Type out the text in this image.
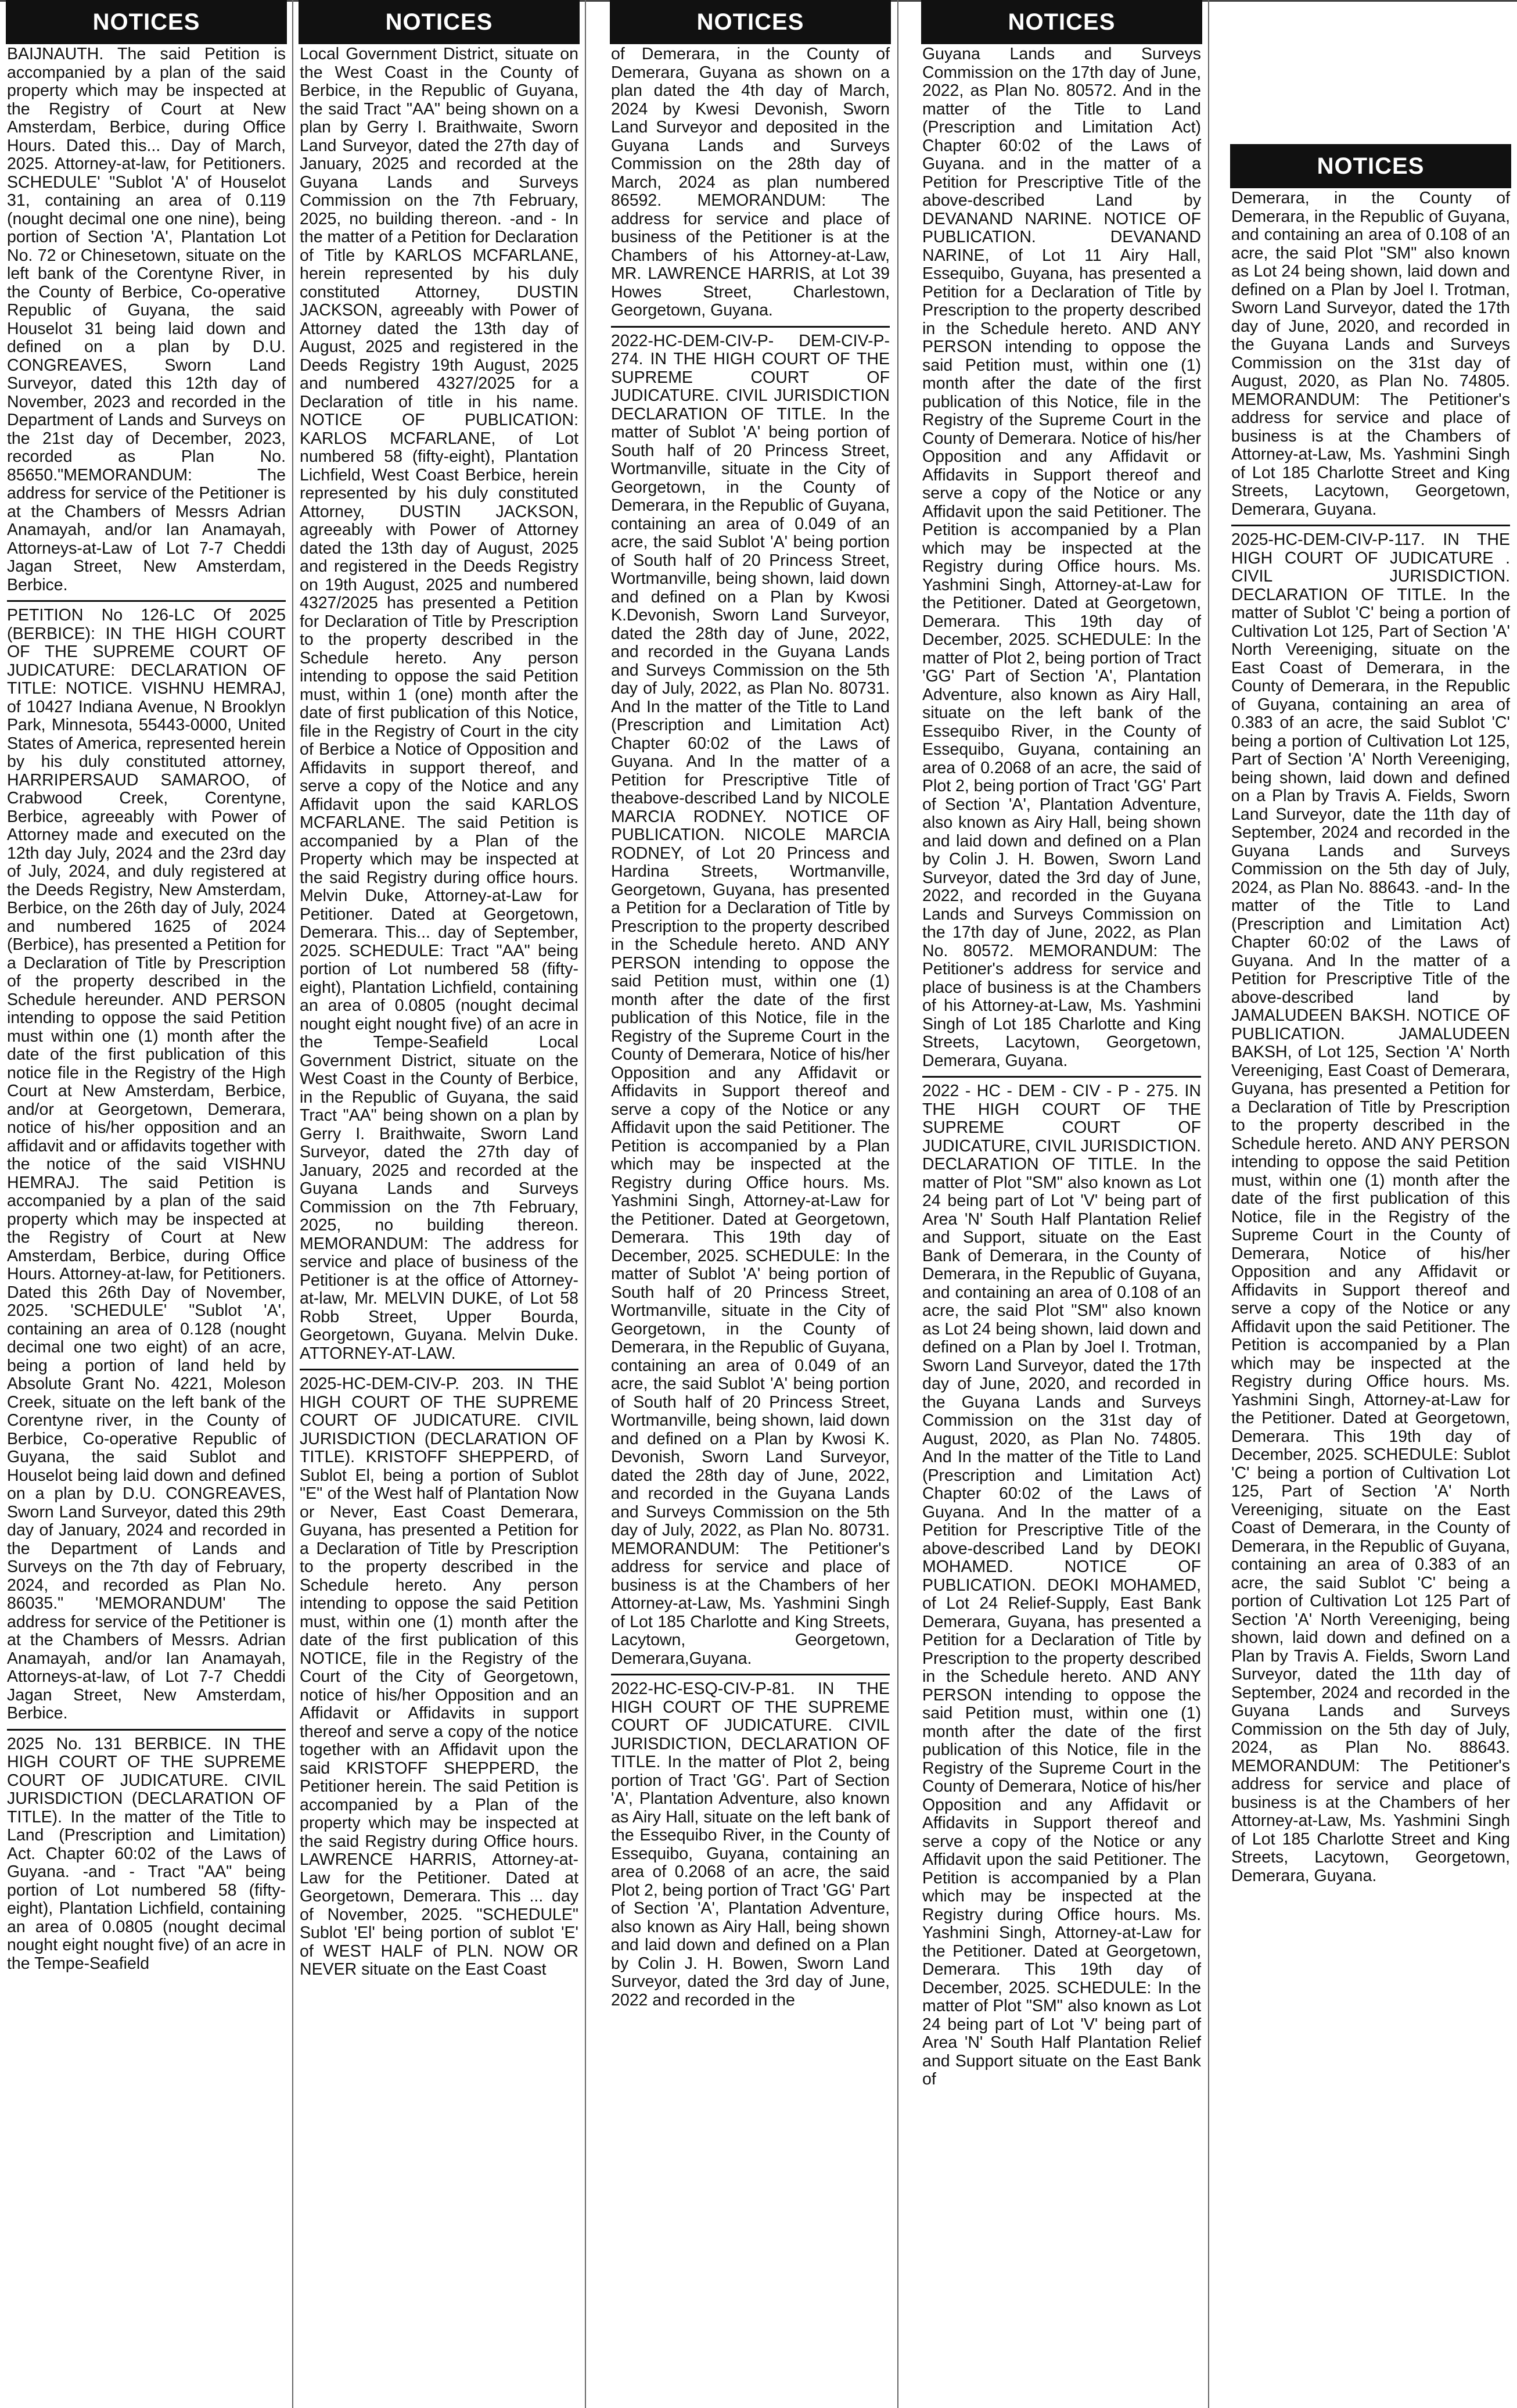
NOTICES

BAIJNAUTH. The said Petition is accompanied by a plan of the said property which may be inspected at the Registry of Court at New Amsterdam, Berbice, during Office Hours. Dated this... Day of March, 2025. Attorney-at-law, for Petitioners. SCHEDULE' "Sublot 'A' of Houselot 31, containing an area of 0.119 (nought decimal one one nine), being portion of Section 'A', Plantation Lot No. 72 or Chinesetown, situate on the left bank of the Corentyne River, in the County of Berbice, Co-operative Republic of Guyana, the said Houselot 31 being laid down and defined on a plan by D.U. CONGREAVES, Sworn Land Surveyor, dated this 12th day of November, 2023 and recorded in the Department of Lands and Surveys on the 21st day of December, 2023, recorded as Plan No. 85650."MEMORANDUM: The address for service of the Petitioner is at the Chambers of Messrs Adrian Anamayah, and/or Ian Anamayah, Attorneys-at-Law of Lot 7-7 Cheddi Jagan Street, New Amsterdam, Berbice.

PETITION No 126-LC Of 2025 (BERBICE): IN THE HIGH COURT OF THE SUPREME COURT OF JUDICATURE: DECLARATION OF TITLE: NOTICE. VISHNU HEMRAJ, of 10427 Indiana Avenue, N Brooklyn Park, Minnesota, 55443-0000, United States of America, represented herein by his duly constituted attorney, HARRIPERSAUD SAMAROO, of Crabwood Creek, Corentyne, Berbice, agreeably with Power of Attorney made and executed on the 12th day July, 2024 and the 23rd day of July, 2024, and duly registered at the Deeds Registry, New Amsterdam, Berbice, on the 26th day of July, 2024 and numbered 1625 of 2024 (Berbice), has presented a Petition for a Declaration of Title by Prescription of the property described in the Schedule hereunder. AND PERSON intending to oppose the said Petition must within one (1) month after the date of the first publication of this notice file in the Registry of the High Court at New Amsterdam, Berbice, and/or at Georgetown, Demerara, notice of his/her opposition and an affidavit and or affidavits together with the notice of the said VISHNU HEMRAJ. The said Petition is accompanied by a plan of the said property which may be inspected at the Registry of Court at New Amsterdam, Berbice, during Office Hours. Attorney-at-law, for Petitioners. Dated this 26th Day of November, 2025. 'SCHEDULE' "Sublot 'A', containing an area of 0.128 (nought decimal one two eight) of an acre, being a portion of land held by Absolute Grant No. 4221, Moleson Creek, situate on the left bank of the Corentyne river, in the County of Berbice, Co-operative Republic of Guyana, the said Sublot and Houselot being laid down and defined on a plan by D.U. CONGREAVES, Sworn Land Surveyor, dated this 29th day of January, 2024 and recorded in the Department of Lands and Surveys on the 7th day of February, 2024, and recorded as Plan No. 86035." 'MEMORANDUM' The address for service of the Petitioner is at the Chambers of Messrs. Adrian Anamayah, and/or Ian Anamayah, Attorneys-at-law, of Lot 7-7 Cheddi Jagan Street, New Amsterdam, Berbice.

2025 No. 131 BERBICE. IN THE HIGH COURT OF THE SUPREME COURT OF JUDICATURE. CIVIL JURISDICTION (DECLARATION OF TITLE). In the matter of the Title to Land (Prescription and Limitation) Act. Chapter 60:02 of the Laws of Guyana. -and - Tract "AA" being portion of Lot numbered 58 (fifty-eight), Plantation Lichfield, containing an area of 0.0805 (nought decimal nought eight nought five) of an acre in the Tempe-Seafield

NOTICES

Local Government District, situate on the West Coast in the County of Berbice, in the Republic of Guyana, the said Tract "AA" being shown on a plan by Gerry I. Braithwaite, Sworn Land Surveyor, dated the 27th day of January, 2025 and recorded at the Guyana Lands and Surveys Commission on the 7th February, 2025, no building thereon. -and - In the matter of a Petition for Declaration of Title by KARLOS MCFARLANE, herein represented by his duly constituted Attorney, DUSTIN JACKSON, agreeably with Power of Attorney dated the 13th day of August, 2025 and registered in the Deeds Registry 19th August, 2025 and numbered 4327/2025 for a Declaration of title in his name. NOTICE OF PUBLICATION: KARLOS MCFARLANE, of Lot numbered 58 (fifty-eight), Plantation Lichfield, West Coast Berbice, herein represented by his duly constituted Attorney, DUSTIN JACKSON, agreeably with Power of Attorney dated the 13th day of August, 2025 and registered in the Deeds Registry on 19th August, 2025 and numbered 4327/2025 has presented a Petition for Declaration of Title by Prescription to the property described in the Schedule hereto. Any person intending to oppose the said Petition must, within 1 (one) month after the date of first publication of this Notice, file in the Registry of Court in the city of Berbice a Notice of Opposition and Affidavits in support thereof, and serve a copy of the Notice and any Affidavit upon the said KARLOS MCFARLANE. The said Petition is accompanied by a Plan of the Property which may be inspected at the said Registry during office hours. Melvin Duke, Attorney-at-Law for Petitioner. Dated at Georgetown, Demerara. This... day of September, 2025. SCHEDULE: Tract "AA" being portion of Lot numbered 58 (fifty-eight), Plantation Lichfield, containing an area of 0.0805 (nought decimal nought eight nought five) of an acre in the Tempe-Seafield Local Government District, situate on the West Coast in the County of Berbice, in the Republic of Guyana, the said Tract "AA" being shown on a plan by Gerry I. Braithwaite, Sworn Land Surveyor, dated the 27th day of January, 2025 and recorded at the Guyana Lands and Surveys Commission on the 7th February, 2025, no building thereon. MEMORANDUM: The address for service and place of business of the Petitioner is at the office of Attorney-at-law, Mr. MELVIN DUKE, of Lot 58 Robb Street, Upper Bourda, Georgetown, Guyana. Melvin Duke. ATTORNEY-AT-LAW.

2025-HC-DEM-CIV-P. 203. IN THE HIGH COURT OF THE SUPREME COURT OF JUDICATURE. CIVIL JURISDICTION (DECLARATION OF TITLE). KRISTOFF SHEPPERD, of Sublot El, being a portion of Sublot "E" of the West half of Plantation Now or Never, East Coast Demerara, Guyana, has presented a Petition for a Declaration of Title by Prescription to the property described in the Schedule hereto. Any person intending to oppose the said Petition must, within one (1) month after the date of the first publication of this NOTICE, file in the Registry of the Court of the City of Georgetown, notice of his/her Opposition and an Affidavit or Affidavits in support thereof and serve a copy of the notice together with an Affidavit upon the said KRISTOFF SHEPPERD, the Petitioner herein. The said Petition is accompanied by a Plan of the property which may be inspected at the said Registry during Office hours. LAWRENCE HARRIS, Attorney-at-Law for the Petitioner. Dated at Georgetown, Demerara. This ... day of November, 2025. "SCHEDULE" Sublot 'El' being portion of sublot 'E' of WEST HALF of PLN. NOW OR NEVER situate on the East Coast

NOTICES

of Demerara, in the County of Demerara, Guyana as shown on a plan dated the 4th day of March, 2024 by Kwesi Devonish, Sworn Land Surveyor and deposited in the Guyana Lands and Surveys Commission on the 28th day of March, 2024 as plan numbered 86592. MEMORANDUM: The address for service and place of business of the Petitioner is at the Chambers of his Attorney-at-Law, MR. LAWRENCE HARRIS, at Lot 39 Howes Street, Charlestown, Georgetown, Guyana.

2022-HC-DEM-CIV-P- DEM-CIV-P-274. IN THE HIGH COURT OF THE SUPREME COURT OF JUDICATURE. CIVIL JURISDICTION DECLARATION OF TITLE. In the matter of Sublot 'A' being portion of South half of 20 Princess Street, Wortmanville, situate in the City of Georgetown, in the County of Demerara, in the Republic of Guyana, containing an area of 0.049 of an acre, the said Sublot 'A' being portion of South half of 20 Princess Street, Wortmanville, being shown, laid down and defined on a Plan by Kwosi K.Devonish, Sworn Land Surveyor, dated the 28th day of June, 2022, and recorded in the Guyana Lands and Surveys Commission on the 5th day of July, 2022, as Plan No. 80731. And In the matter of the Title to Land (Prescription and Limitation Act) Chapter 60:02 of the Laws of Guyana. And In the matter of a Petition for Prescriptive Title of theabove-described Land by NICOLE MARCIA RODNEY. NOTICE OF PUBLICATION. NICOLE MARCIA RODNEY, of Lot 20 Princess and Hardina Streets, Wortmanville, Georgetown, Guyana, has presented a Petition for a Declaration of Title by Prescription to the property described in the Schedule hereto. AND ANY PERSON intending to oppose the said Petition must, within one (1) month after the date of the first publication of this Notice, file in the Registry of the Supreme Court in the County of Demerara, Notice of his/her Opposition and any Affidavit or Affidavits in Support thereof and serve a copy of the Notice or any Affidavit upon the said Petitioner. The Petition is accompanied by a Plan which may be inspected at the Registry during Office hours. Ms. Yashmini Singh, Attorney-at-Law for the Petitioner. Dated at Georgetown, Demerara. This 19th day of December, 2025. SCHEDULE: In the matter of Sublot 'A' being portion of South half of 20 Princess Street, Wortmanville, situate in the City of Georgetown, in the County of Demerara, in the Republic of Guyana, containing an area of 0.049 of an acre, the said Sublot 'A' being portion of South half of 20 Princess Street, Wortmanville, being shown, laid down and defined on a Plan by Kwosi K. Devonish, Sworn Land Surveyor, dated the 28th day of June, 2022, and recorded in the Guyana Lands and Surveys Commission on the 5th day of July, 2022, as Plan No. 80731. MEMORANDUM: The Petitioner's address for service and place of business is at the Chambers of her Attorney-at-Law, Ms. Yashmini Singh of Lot 185 Charlotte and King Streets, Lacytown, Georgetown, Demerara,Guyana.

2022-HC-ESQ-CIV-P-81. IN THE HIGH COURT OF THE SUPREME COURT OF JUDICATURE. CIVIL JURISDICTION, DECLARATION OF TITLE. In the matter of Plot 2, being portion of Tract 'GG'. Part of Section 'A', Plantation Adventure, also known as Airy Hall, situate on the left bank of the Essequibo River, in the County of Essequibo, Guyana, containing an area of 0.2068 of an acre, the said Plot 2, being portion of Tract 'GG' Part of Section 'A', Plantation Adventure, also known as Airy Hall, being shown and laid down and defined on a Plan by Colin J. H. Bowen, Sworn Land Surveyor, dated the 3rd day of June, 2022 and recorded in the

NOTICES

Guyana Lands and Surveys Commission on the 17th day of June, 2022, as Plan No. 80572. And in the matter of the Title to Land (Prescription and Limitation Act) Chapter 60:02 of the Laws of Guyana. and in the matter of a Petition for Prescriptive Title of the above-described Land by DEVANAND NARINE. NOTICE OF PUBLICATION. DEVANAND NARINE, of Lot 11 Airy Hall, Essequibo, Guyana, has presented a Petition for a Declaration of Title by Prescription to the property described in the Schedule hereto. AND ANY PERSON intending to oppose the said Petition must, within one (1) month after the date of the first publication of this Notice, file in the Registry of the Supreme Court in the County of Demerara. Notice of his/her Opposition and any Affidavit or Affidavits in Support thereof and serve a copy of the Notice or any Affidavit upon the said Petitioner. The Petition is accompanied by a Plan which may be inspected at the Registry during Office hours. Ms. Yashmini Singh, Attorney-at-Law for the Petitioner. Dated at Georgetown, Demerara. This 19th day of December, 2025. SCHEDULE: In the matter of Plot 2, being portion of Tract 'GG' Part of Section 'A', Plantation Adventure, also known as Airy Hall, situate on the left bank of the Essequibo River, in the County of Essequibo, Guyana, containing an area of 0.2068 of an acre, the said of Plot 2, being portion of Tract 'GG' Part of Section 'A', Plantation Adventure, also known as Airy Hall, being shown and laid down and defined on a Plan by Colin J. H. Bowen, Sworn Land Surveyor, dated the 3rd day of June, 2022, and recorded in the Guyana Lands and Surveys Commission on the 17th day of June, 2022, as Plan No. 80572. MEMORANDUM: The Petitioner's address for service and place of business is at the Chambers of his Attorney-at-Law, Ms. Yashmini Singh of Lot 185 Charlotte and King Streets, Lacytown, Georgetown, Demerara, Guyana.

2022 - HC - DEM - CIV - P - 275. IN THE HIGH COURT OF THE SUPREME COURT OF JUDICATURE, CIVIL JURISDICTION. DECLARATION OF TITLE. In the matter of Plot "SM" also known as Lot 24 being part of Lot 'V' being part of Area 'N' South Half Plantation Relief and Support, situate on the East Bank of Demerara, in the County of Demerara, in the Republic of Guyana, and containing an area of 0.108 of an acre, the said Plot "SM" also known as Lot 24 being shown, laid down and defined on a Plan by Joel I. Trotman, Sworn Land Surveyor, dated the 17th day of June, 2020, and recorded in the Guyana Lands and Surveys Commission on the 31st day of August, 2020, as Plan No. 74805. And In the matter of the Title to Land (Prescription and Limitation Act) Chapter 60:02 of the Laws of Guyana. And In the matter of a Petition for Prescriptive Title of the above-described Land by DEOKI MOHAMED. NOTICE OF PUBLICATION. DEOKI MOHAMED, of Lot 24 Relief-Supply, East Bank Demerara, Guyana, has presented a Petition for a Declaration of Title by Prescription to the property described in the Schedule hereto. AND ANY PERSON intending to oppose the said Petition must, within one (1) month after the date of the first publication of this Notice, file in the Registry of the Supreme Court in the County of Demerara, Notice of his/her Opposition and any Affidavit or Affidavits in Support thereof and serve a copy of the Notice or any Affidavit upon the said Petitioner. The Petition is accompanied by a Plan which may be inspected at the Registry during Office hours. Ms. Yashmini Singh, Attorney-at-Law for the Petitioner. Dated at Georgetown, Demerara. This 19th day of December, 2025. SCHEDULE: In the matter of Plot "SM" also known as Lot 24 being part of Lot 'V' being part of Area 'N' South Half Plantation Relief and Support situate on the East Bank of

NOTICES

Demerara, in the County of Demerara, in the Republic of Guyana, and containing an area of 0.108 of an acre, the said Plot "SM" also known as Lot 24 being shown, laid down and defined on a Plan by Joel I. Trotman, Sworn Land Surveyor, dated the 17th day of June, 2020, and recorded in the Guyana Lands and Surveys Commission on the 31st day of August, 2020, as Plan No. 74805. MEMORANDUM: The Petitioner's address for service and place of business is at the Chambers of Attorney-at-Law, Ms. Yashmini Singh of Lot 185 Charlotte Street and King Streets, Lacytown, Georgetown, Demerara, Guyana.

2025-HC-DEM-CIV-P-117. IN THE HIGH COURT OF JUDICATURE . CIVIL JURISDICTION. DECLARATION OF TITLE. In the matter of Sublot 'C' being a portion of Cultivation Lot 125, Part of Section 'A' North Vereeniging, situate on the East Coast of Demerara, in the County of Demerara, in the Republic of Guyana, containing an area of 0.383 of an acre, the said Sublot 'C' being a portion of Cultivation Lot 125, Part of Section 'A' North Vereeniging, being shown, laid down and defined on a Plan by Travis A. Fields, Sworn Land Surveyor, date the 11th day of September, 2024 and recorded in the Guyana Lands and Surveys Commission on the 5th day of July, 2024, as Plan No. 88643. -and- In the matter of the Title to Land (Prescription and Limitation Act) Chapter 60:02 of the Laws of Guyana. And In the matter of a Petition for Prescriptive Title of the above-described land by JAMALUDEEN BAKSH. NOTICE OF PUBLICATION. JAMALUDEEN BAKSH, of Lot 125, Section 'A' North Vereeniging, East Coast of Demerara, Guyana, has presented a Petition for a Declaration of Title by Prescription to the property described in the Schedule hereto. AND ANY PERSON intending to oppose the said Petition must, within one (1) month after the date of the first publication of this Notice, file in the Registry of the Supreme Court in the County of Demerara, Notice of his/her Opposition and any Affidavit or Affidavits in Support thereof and serve a copy of the Notice or any Affidavit upon the said Petitioner. The Petition is accompanied by a Plan which may be inspected at the Registry during Office hours. Ms. Yashmini Singh, Attorney-at-Law for the Petitioner. Dated at Georgetown, Demerara. This 19th day of December, 2025. SCHEDULE: Sublot 'C' being a portion of Cultivation Lot 125, Part of Section 'A' North Vereeniging, situate on the East Coast of Demerara, in the County of Demerara, in the Republic of Guyana, containing an area of 0.383 of an acre, the said Sublot 'C' being a portion of Cultivation Lot 125 Part of Section 'A' North Vereeniging, being shown, laid down and defined on a Plan by Travis A. Fields, Sworn Land Surveyor, dated the 11th day of September, 2024 and recorded in the Guyana Lands and Surveys Commission on the 5th day of July, 2024, as Plan No. 88643. MEMORANDUM: The Petitioner's address for service and place of business is at the Chambers of her Attorney-at-Law, Ms. Yashmini Singh of Lot 185 Charlotte Street and King Streets, Lacytown, Georgetown, Demerara, Guyana.
